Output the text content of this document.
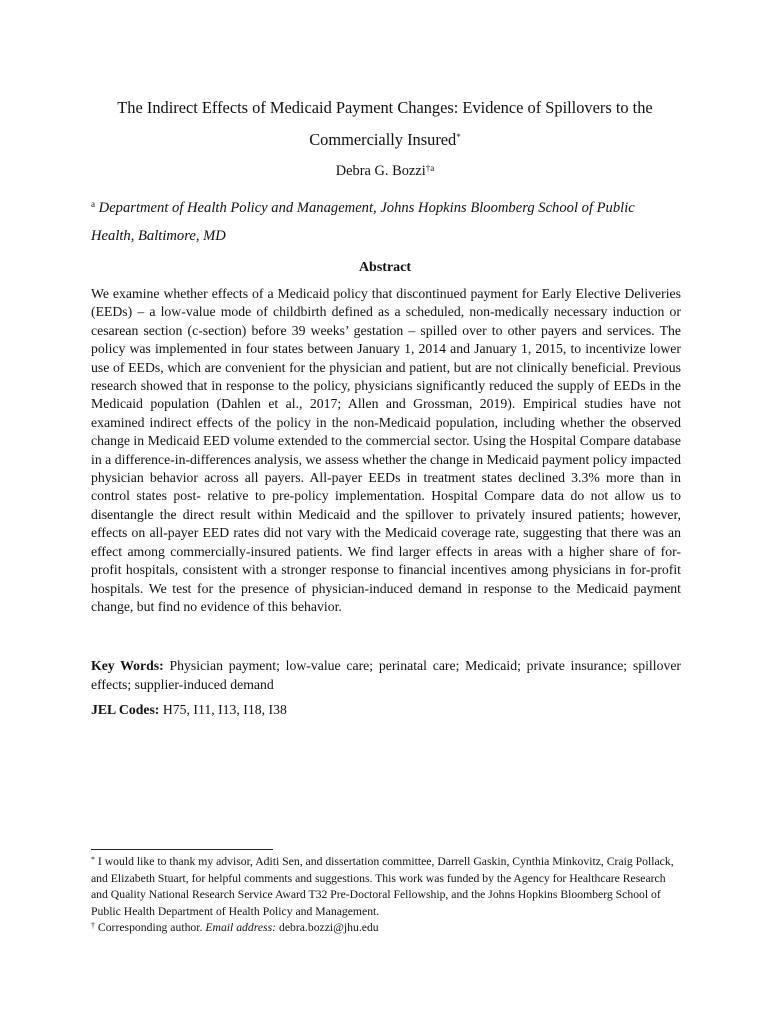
The Indirect Effects of Medicaid Payment Changes: Evidence of Spillovers to the
Commercially Insured*
Debra G. Bozzi$^{\dagger a}$
$^a$ Department of Health Policy and Management, Johns Hopkins Bloomberg School of Public
Health, Baltimore, MD
Abstract
We examine whether effects of a Medicaid policy that discontinued payment for Early Elective Deliveries (EEDs) – a low-value mode of childbirth defined as a scheduled, non-medically necessary induction or cesarean section (c-section) before 39 weeks’ gestation – spilled over to other payers and services. The policy was implemented in four states between January 1, 2014 and January 1, 2015, to incentivize lower use of EEDs, which are convenient for the physician and patient, but are not clinically beneficial. Previous research showed that in response to the policy, physicians significantly reduced the supply of EEDs in the Medicaid population (Dahlen et al., 2017; Allen and Grossman, 2019). Empirical studies have not examined indirect effects of the policy in the non-Medicaid population, including whether the observed change in Medicaid EED volume extended to the commercial sector. Using the Hospital Compare database in a difference-in-differences analysis, we assess whether the change in Medicaid payment policy impacted physician behavior across all payers. All-payer EEDs in treatment states declined 3.3% more than in control states post- relative to pre-policy implementation. Hospital Compare data do not allow us to disentangle the direct result within Medicaid and the spillover to privately insured patients; however, effects on all-payer EED rates did not vary with the Medicaid coverage rate, suggesting that there was an effect among commercially-insured patients. We find larger effects in areas with a higher share of for-profit hospitals, consistent with a stronger response to financial incentives among physicians in for-profit hospitals. We test for the presence of physician-induced demand in response to the Medicaid payment change, but find no evidence of this behavior.
Key Words: Physician payment; low-value care; perinatal care; Medicaid; private insurance; spillover effects; supplier-induced demand
JEL Codes: H75, I11, I13, I18, I38
* I would like to thank my advisor, Aditi Sen, and dissertation committee, Darrell Gaskin, Cynthia Minkovitz, Craig Pollack, and Elizabeth Stuart, for helpful comments and suggestions. This work was funded by the Agency for Healthcare Research and Quality National Research Service Award T32 Pre-Doctoral Fellowship, and the Johns Hopkins Bloomberg School of Public Health Department of Health Policy and Management.
† Corresponding author. Email address: debra.bozzi@jhu.edu
